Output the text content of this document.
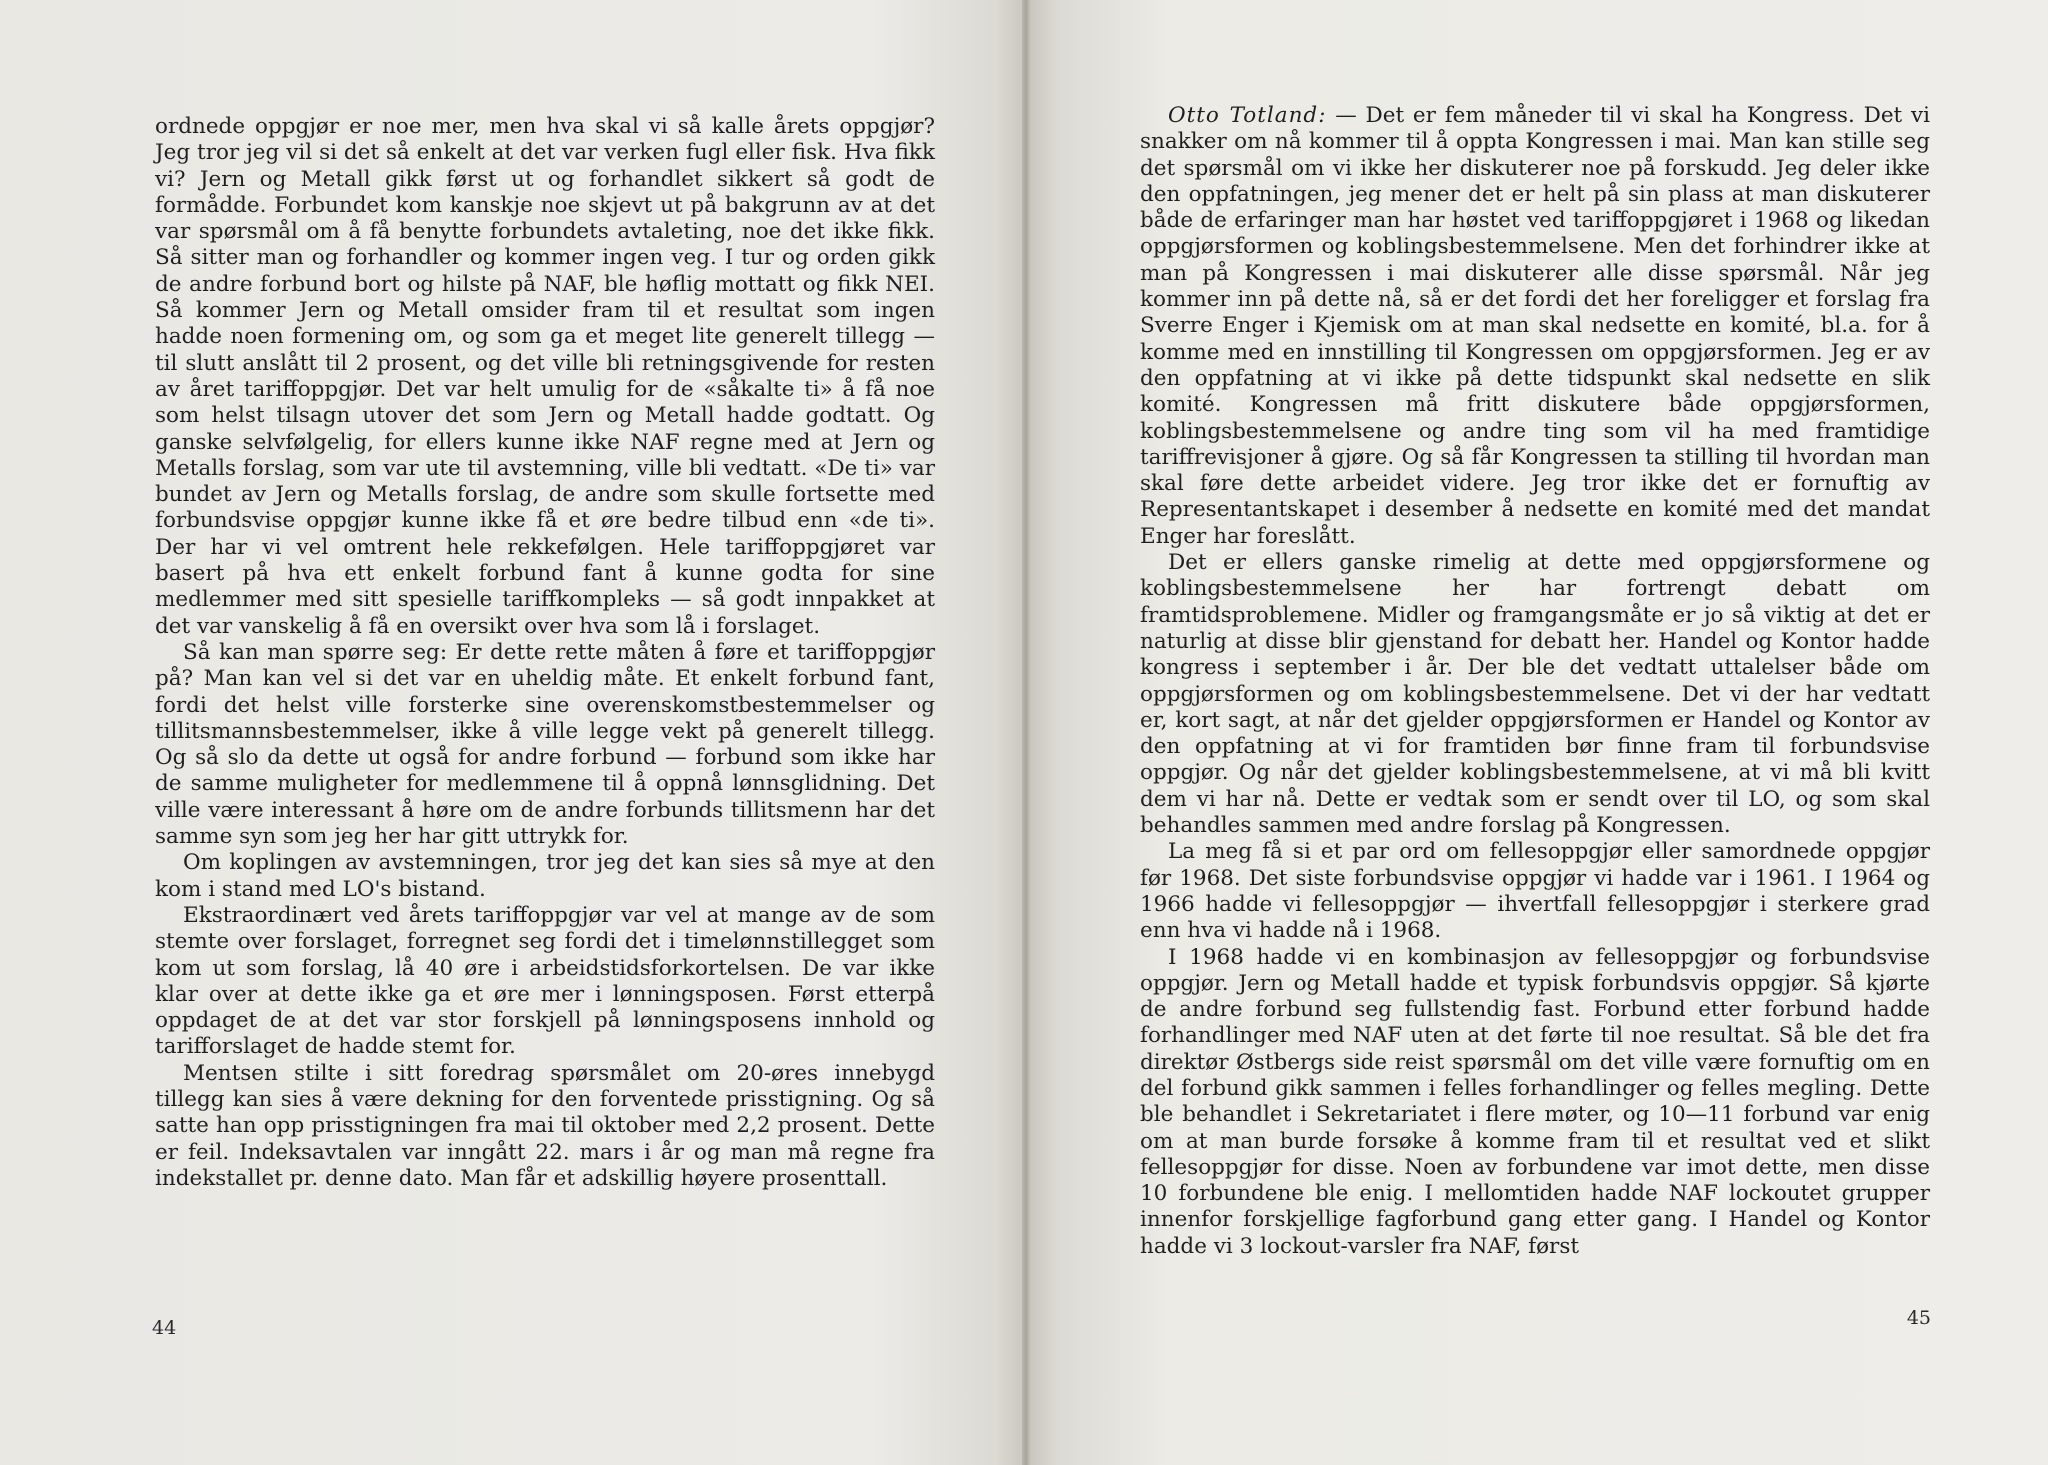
ordnede oppgjør er noe mer, men hva skal vi så kalle årets oppgjør? Jeg tror jeg vil si det så enkelt at det var verken fugl eller fisk. Hva fikk vi? Jern og Metall gikk først ut og forhandlet sikkert så godt de formådde. Forbundet kom kanskje noe skjevt ut på bakgrunn av at det var spørsmål om å få benytte forbundets avtaleting, noe det ikke fikk. Så sitter man og forhandler og kommer ingen veg. I tur og orden gikk de andre forbund bort og hilste på NAF, ble høflig mottatt og fikk NEI. Så kommer Jern og Metall omsider fram til et resultat som ingen hadde noen formening om, og som ga et meget lite generelt tillegg — til slutt anslått til 2 prosent, og det ville bli retningsgivende for resten av året tariffoppgjør. Det var helt umulig for de «såkalte ti» å få noe som helst tilsagn utover det som Jern og Metall hadde godtatt. Og ganske selvfølgelig, for ellers kunne ikke NAF regne med at Jern og Metalls forslag, som var ute til avstemning, ville bli vedtatt. «De ti» var bundet av Jern og Metalls forslag, de andre som skulle fortsette med forbundsvise oppgjør kunne ikke få et øre bedre tilbud enn «de ti». Der har vi vel omtrent hele rekkefølgen. Hele tariffoppgjøret var basert på hva ett enkelt forbund fant å kunne godta for sine medlemmer med sitt spesielle tariffkompleks — så godt innpakket at det var vanskelig å få en oversikt over hva som lå i forslaget.

Så kan man spørre seg: Er dette rette måten å føre et tariffoppgjør på? Man kan vel si det var en uheldig måte. Et enkelt forbund fant, fordi det helst ville forsterke sine overenskomstbestemmelser og tillitsmannsbestemmelser, ikke å ville legge vekt på generelt tillegg. Og så slo da dette ut også for andre forbund — forbund som ikke har de samme muligheter for medlemmene til å oppnå lønnsglidning. Det ville være interessant å høre om de andre forbunds tillitsmenn har det samme syn som jeg her har gitt uttrykk for.

Om koplingen av avstemningen, tror jeg det kan sies så mye at den kom i stand med LO's bistand.

Ekstraordinært ved årets tariffoppgjør var vel at mange av de som stemte over forslaget, forregnet seg fordi det i timelønnstillegget som kom ut som forslag, lå 40 øre i arbeidstidsforkortelsen. De var ikke klar over at dette ikke ga et øre mer i lønningsposen. Først etterpå oppdaget de at det var stor forskjell på lønningsposens innhold og tarifforslaget de hadde stemt for.

Mentsen stilte i sitt foredrag spørsmålet om 20-øres innebygd tillegg kan sies å være dekning for den forventede prisstigning. Og så satte han opp prisstigningen fra mai til oktober med 2,2 prosent. Dette er feil. Indeksavtalen var inngått 22. mars i år og man må regne fra indekstallet pr. denne dato. Man får et adskillig høyere prosenttall.

44

Otto Totland: — Det er fem måneder til vi skal ha Kongress. Det vi snakker om nå kommer til å oppta Kongressen i mai. Man kan stille seg det spørsmål om vi ikke her diskuterer noe på forskudd. Jeg deler ikke den oppfatningen, jeg mener det er helt på sin plass at man diskuterer både de erfaringer man har høstet ved tariffoppgjøret i 1968 og likedan oppgjørsformen og koblingsbestemmelsene. Men det forhindrer ikke at man på Kongressen i mai diskuterer alle disse spørsmål. Når jeg kommer inn på dette nå, så er det fordi det her foreligger et forslag fra Sverre Enger i Kjemisk om at man skal nedsette en komité, bl.a. for å komme med en innstilling til Kongressen om oppgjørsformen. Jeg er av den oppfatning at vi ikke på dette tidspunkt skal nedsette en slik komité. Kongressen må fritt diskutere både oppgjørsformen, koblingsbestemmelsene og andre ting som vil ha med framtidige tariffrevisjoner å gjøre. Og så får Kongressen ta stilling til hvordan man skal føre dette arbeidet videre. Jeg tror ikke det er fornuftig av Representantskapet i desember å nedsette en komité med det mandat Enger har foreslått.

Det er ellers ganske rimelig at dette med oppgjørsformene og koblingsbestemmelsene her har fortrengt debatt om framtidsproblemene. Midler og framgangsmåte er jo så viktig at det er naturlig at disse blir gjenstand for debatt her. Handel og Kontor hadde kongress i september i år. Der ble det vedtatt uttalelser både om oppgjørsformen og om koblingsbestemmelsene. Det vi der har vedtatt er, kort sagt, at når det gjelder oppgjørsformen er Handel og Kontor av den oppfatning at vi for framtiden bør finne fram til forbundsvise oppgjør. Og når det gjelder koblingsbestemmelsene, at vi må bli kvitt dem vi har nå. Dette er vedtak som er sendt over til LO, og som skal behandles sammen med andre forslag på Kongressen.

La meg få si et par ord om fellesoppgjør eller samordnede oppgjør før 1968. Det siste forbundsvise oppgjør vi hadde var i 1961. I 1964 og 1966 hadde vi fellesoppgjør — ihvertfall fellesoppgjør i sterkere grad enn hva vi hadde nå i 1968.

I 1968 hadde vi en kombinasjon av fellesoppgjør og forbundsvise oppgjør. Jern og Metall hadde et typisk forbundsvis oppgjør. Så kjørte de andre forbund seg fullstendig fast. Forbund etter forbund hadde forhandlinger med NAF uten at det førte til noe resultat. Så ble det fra direktør Østbergs side reist spørsmål om det ville være fornuftig om en del forbund gikk sammen i felles forhandlinger og felles megling. Dette ble behandlet i Sekretariatet i flere møter, og 10—11 forbund var enig om at man burde forsøke å komme fram til et resultat ved et slikt fellesoppgjør for disse. Noen av forbundene var imot dette, men disse 10 forbundene ble enig. I mellomtiden hadde NAF lockoutet grupper innenfor forskjellige fagforbund gang etter gang. I Handel og Kontor hadde vi 3 lockout-varsler fra NAF, først

45
